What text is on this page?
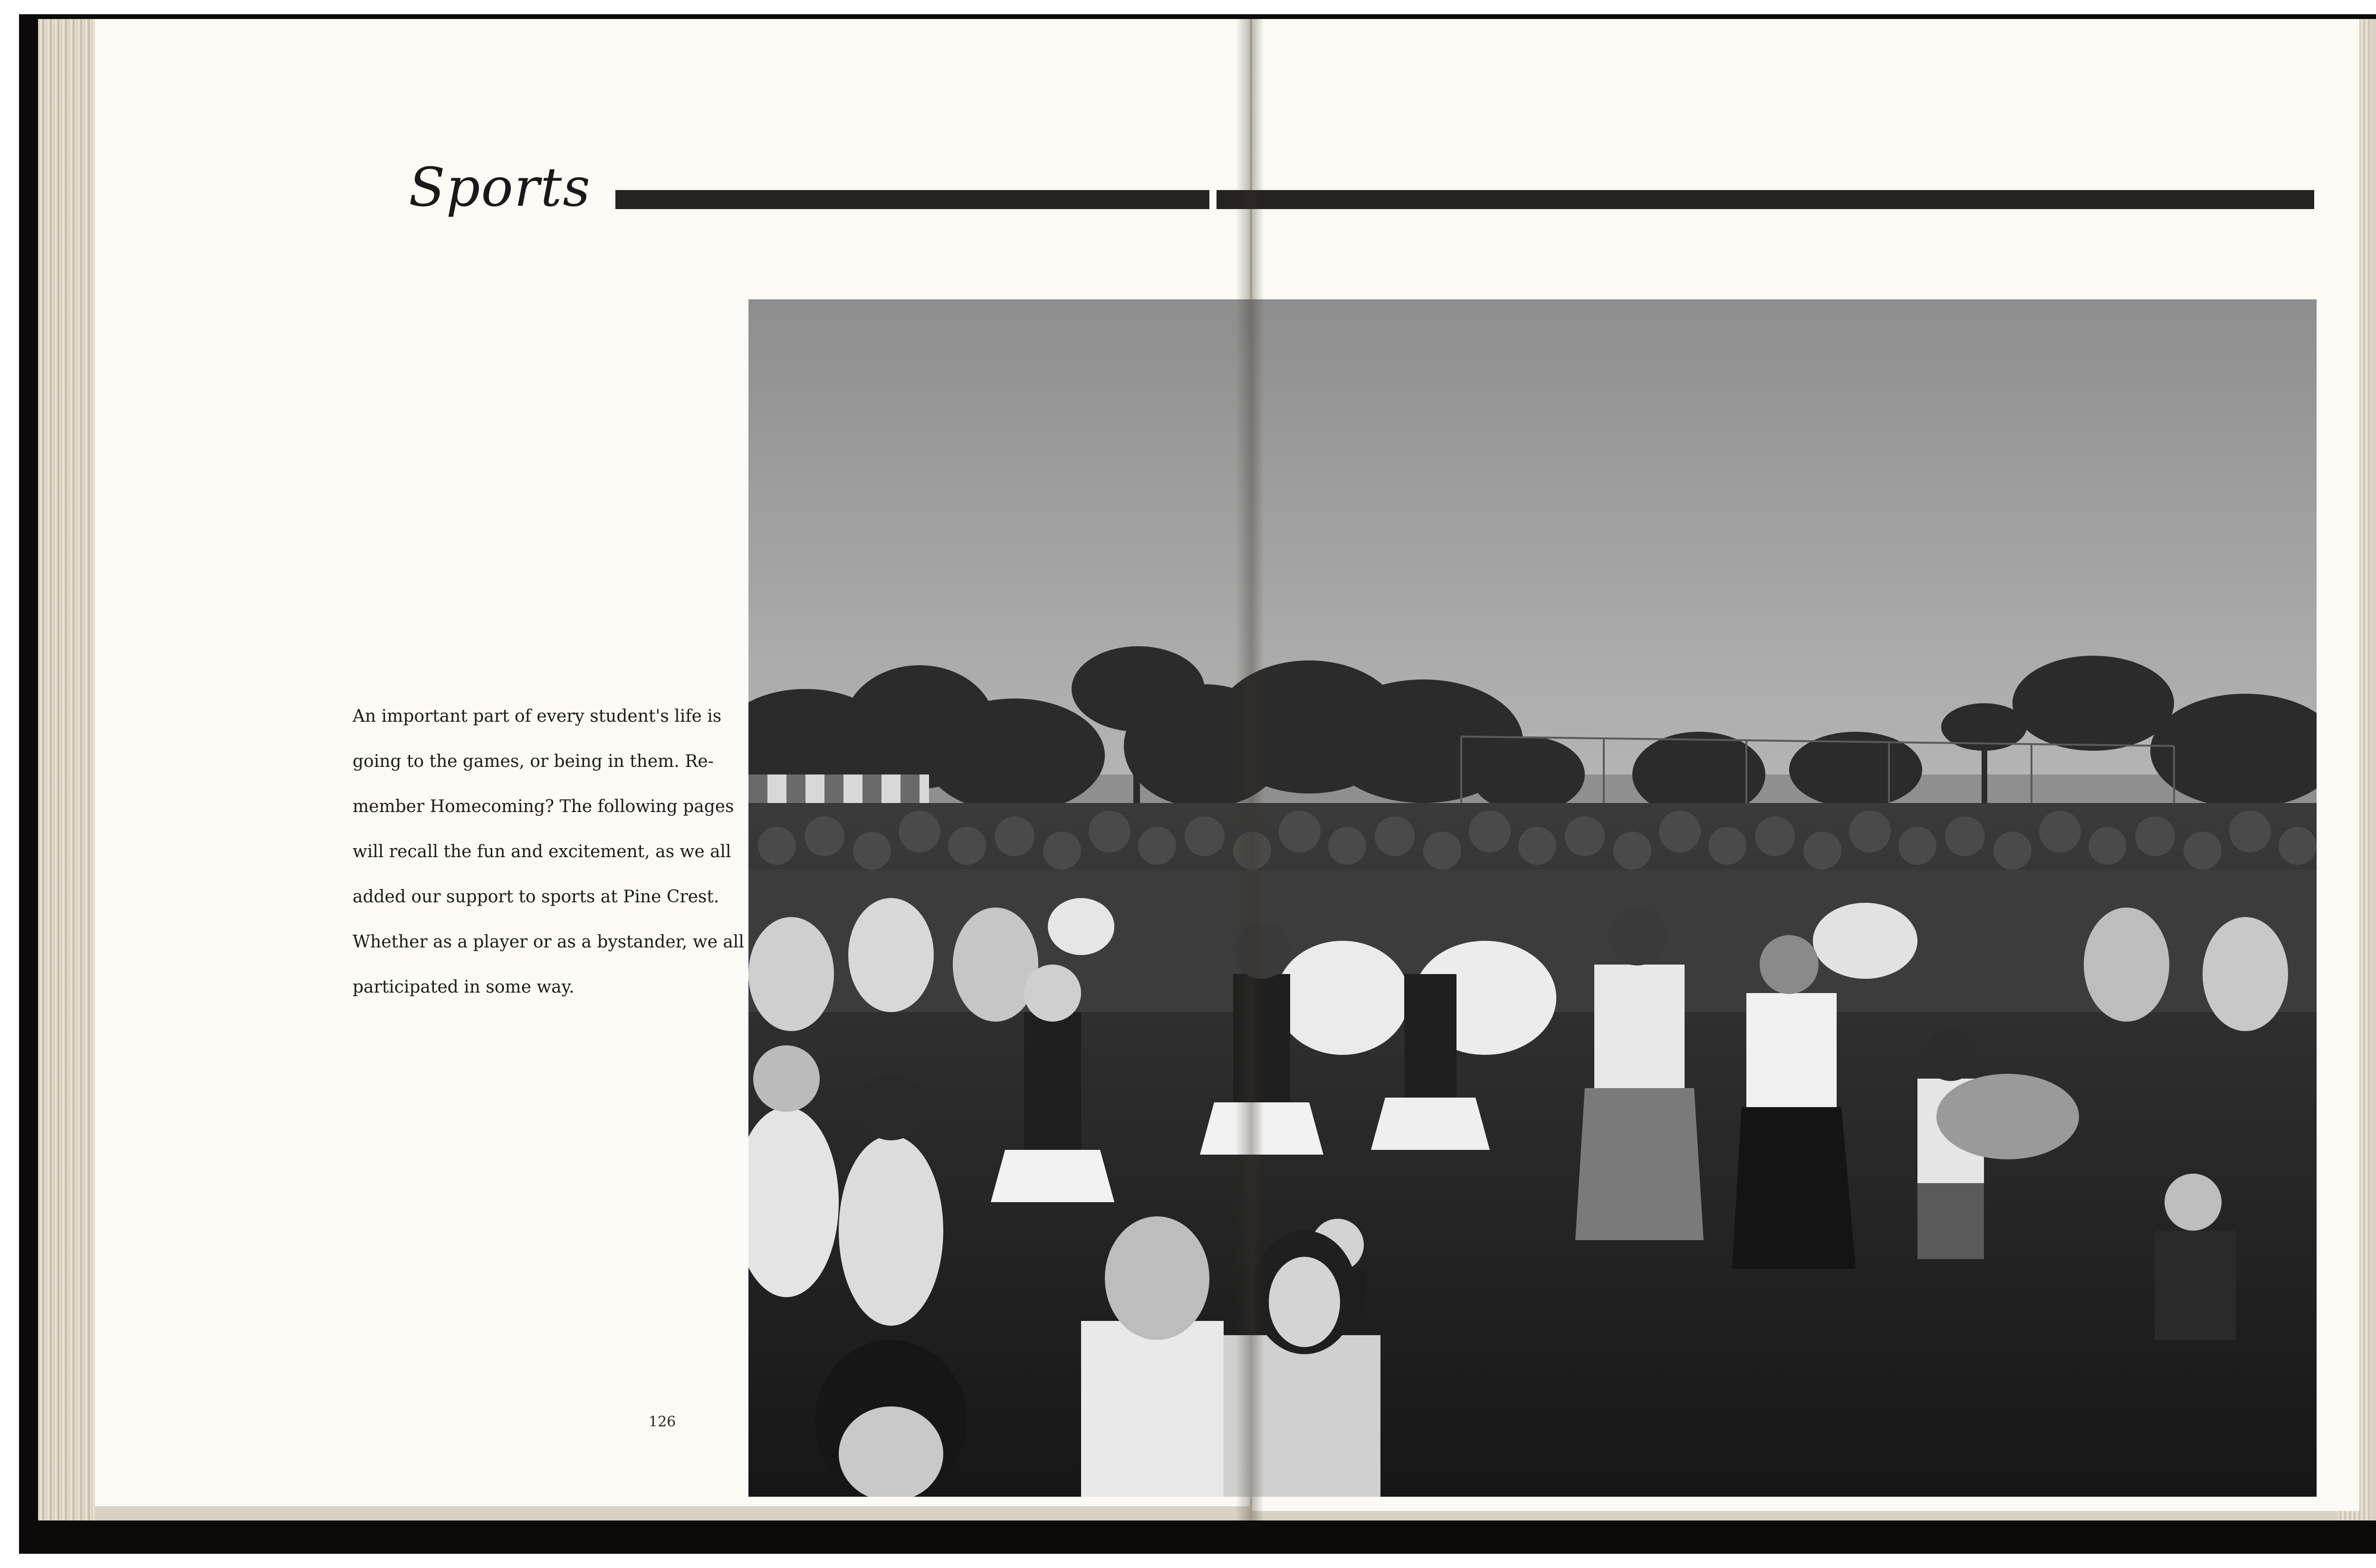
Sports
An important part of every student's life is
going to the games, or being in them. Re-
member Homecoming? The following pages
will recall the fun and excitement, as we all
added our support to sports at Pine Crest.
Whether as a player or as a bystander, we all
participated in some way.
126
